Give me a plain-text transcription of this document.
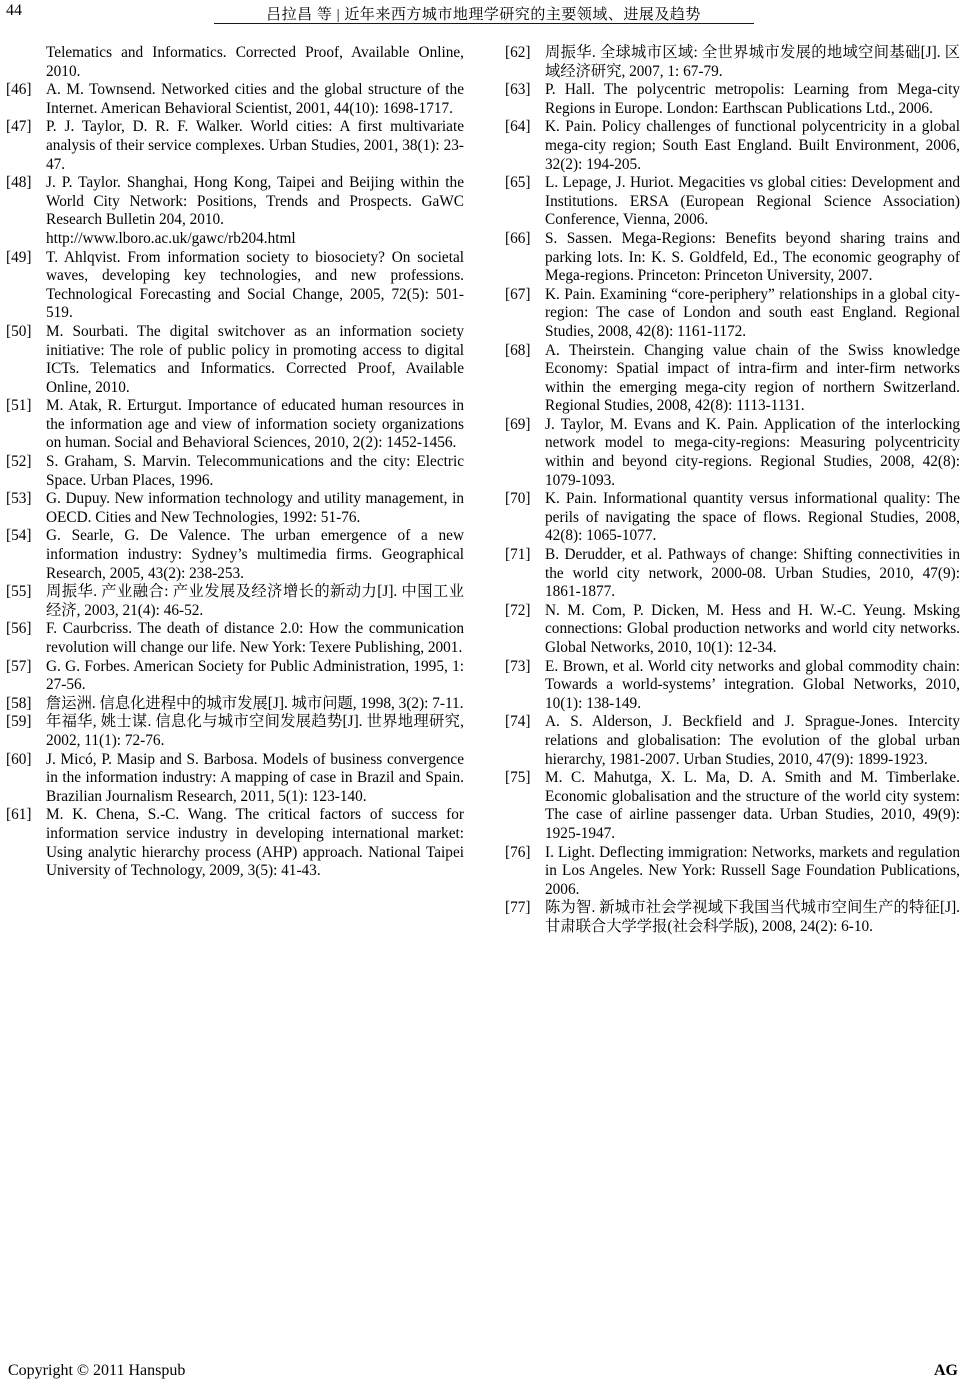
44	吕拉昌 等 | 近年来西方城市地理学研究的主要领域、进展及趋势
Telematics and Informatics. Corrected Proof, Available Online, 2010.
[46] A. M. Townsend. Networked cities and the global structure of the Internet. American Behavioral Scientist, 2001, 44(10): 1698-1717.
[47] P. J. Taylor, D. R. F. Walker. World cities: A first multivariate analysis of their service complexes. Urban Studies, 2001, 38(1): 23-47.
[48] J. P. Taylor. Shanghai, Hong Kong, Taipei and Beijing within the World City Network: Positions, Trends and Prospects. GaWC Research Bulletin 204, 2010.
http://www.lboro.ac.uk/gawc/rb204.html
[49] T. Ahlqvist. From information society to biosociety? On societal waves, developing key technologies, and new professions. Technological Forecasting and Social Change, 2005, 72(5): 501-519.
[50] M. Sourbati. The digital switchover as an information society initiative: The role of public policy in promoting access to digital ICTs. Telematics and Informatics. Corrected Proof, Available Online, 2010.
[51] M. Atak, R. Erturgut. Importance of educated human resources in the information age and view of information society organizations on human. Social and Behavioral Sciences, 2010, 2(2): 1452-1456.
[52] S. Graham, S. Marvin. Telecommunications and the city: Electric Space. Urban Places, 1996.
[53] G. Dupuy. New information technology and utility management, in OECD. Cities and New Technologies, 1992: 51-76.
[54] G. Searle, G. De Valence. The urban emergence of a new information industry: Sydney’s multimedia firms. Geographical Research, 2005, 43(2): 238-253.
[55] 周振华. 产业融合: 产业发展及经济增长的新动力[J]. 中国工业经济, 2003, 21(4): 46-52.
[56] F. Caurbcriss. The death of distance 2.0: How the communication revolution will change our life. New York: Texere Publishing, 2001.
[57] G. G. Forbes. American Society for Public Administration, 1995, 1: 27-56.
[58] 詹运洲. 信息化进程中的城市发展[J]. 城市问题, 1998, 3(2): 7-11.
[59] 年福华, 姚士谋. 信息化与城市空间发展趋势[J]. 世界地理研究, 2002, 11(1): 72-76.
[60] J. Micó, P. Masip and S. Barbosa. Models of business convergence in the information industry: A mapping of case in Brazil and Spain. Brazilian Journalism Research, 2011, 5(1): 123-140.
[61] M. K. Chena, S.-C. Wang. The critical factors of success for information service industry in developing international market: Using analytic hierarchy process (AHP) approach. National Taipei University of Technology, 2009, 3(5): 41-43.
[62] 周振华. 全球城市区域: 全世界城市发展的地域空间基础[J]. 区域经济研究, 2007, 1: 67-79.
[63] P. Hall. The polycentric metropolis: Learning from Mega-city Regions in Europe. London: Earthscan Publications Ltd., 2006.
[64] K. Pain. Policy challenges of functional polycentricity in a global mega-city region; South East England. Built Environment, 2006, 32(2): 194-205.
[65] L. Lepage, J. Huriot. Megacities vs global cities: Development and Institutions. ERSA (European Regional Science Association) Conference, Vienna, 2006.
[66] S. Sassen. Mega-Regions: Benefits beyond sharing trains and parking lots. In: K. S. Goldfeld, Ed., The economic geography of Mega-regions. Princeton: Princeton University, 2007.
[67] K. Pain. Examining “core-periphery” relationships in a global city-region: The case of London and south east England. Regional Studies, 2008, 42(8): 1161-1172.
[68] A. Theirstein. Changing value chain of the Swiss knowledge Economy: Spatial impact of intra-firm and inter-firm networks within the emerging mega-city region of northern Switzerland. Regional Studies, 2008, 42(8): 1113-1131.
[69] J. Taylor, M. Evans and K. Pain. Application of the interlocking network model to mega-city-regions: Measuring polycentricity within and beyond city-regions. Regional Studies, 2008, 42(8): 1079-1093.
[70] K. Pain. Informational quantity versus informational quality: The perils of navigating the space of flows. Regional Studies, 2008, 42(8): 1065-1077.
[71] B. Derudder, et al. Pathways of change: Shifting connectivities in the world city network, 2000-08. Urban Studies, 2010, 47(9): 1861-1877.
[72] N. M. Com, P. Dicken, M. Hess and H. W.-C. Yeung. Msking connections: Global production networks and world city networks. Global Networks, 2010, 10(1): 12-34.
[73] E. Brown, et al. World city networks and global commodity chain: Towards a world-systems’ integration. Global Networks, 2010, 10(1): 138-149.
[74] A. S. Alderson, J. Beckfield and J. Sprague-Jones. Intercity relations and globalisation: The evolution of the global urban hierarchy, 1981-2007. Urban Studies, 2010, 47(9): 1899-1923.
[75] M. C. Mahutga, X. L. Ma, D. A. Smith and M. Timberlake. Economic globalisation and the structure of the world city system: The case of airline passenger data. Urban Studies, 2010, 49(9): 1925-1947.
[76] I. Light. Deflecting immigration: Networks, markets and regulation in Los Angeles. New York: Russell Sage Foundation Publications, 2006.
[77] 陈为智. 新城市社会学视域下我国当代城市空间生产的特征[J]. 甘肃联合大学学报(社会科学版), 2008, 24(2): 6-10.
Copyright © 2011 Hanspub	AG
